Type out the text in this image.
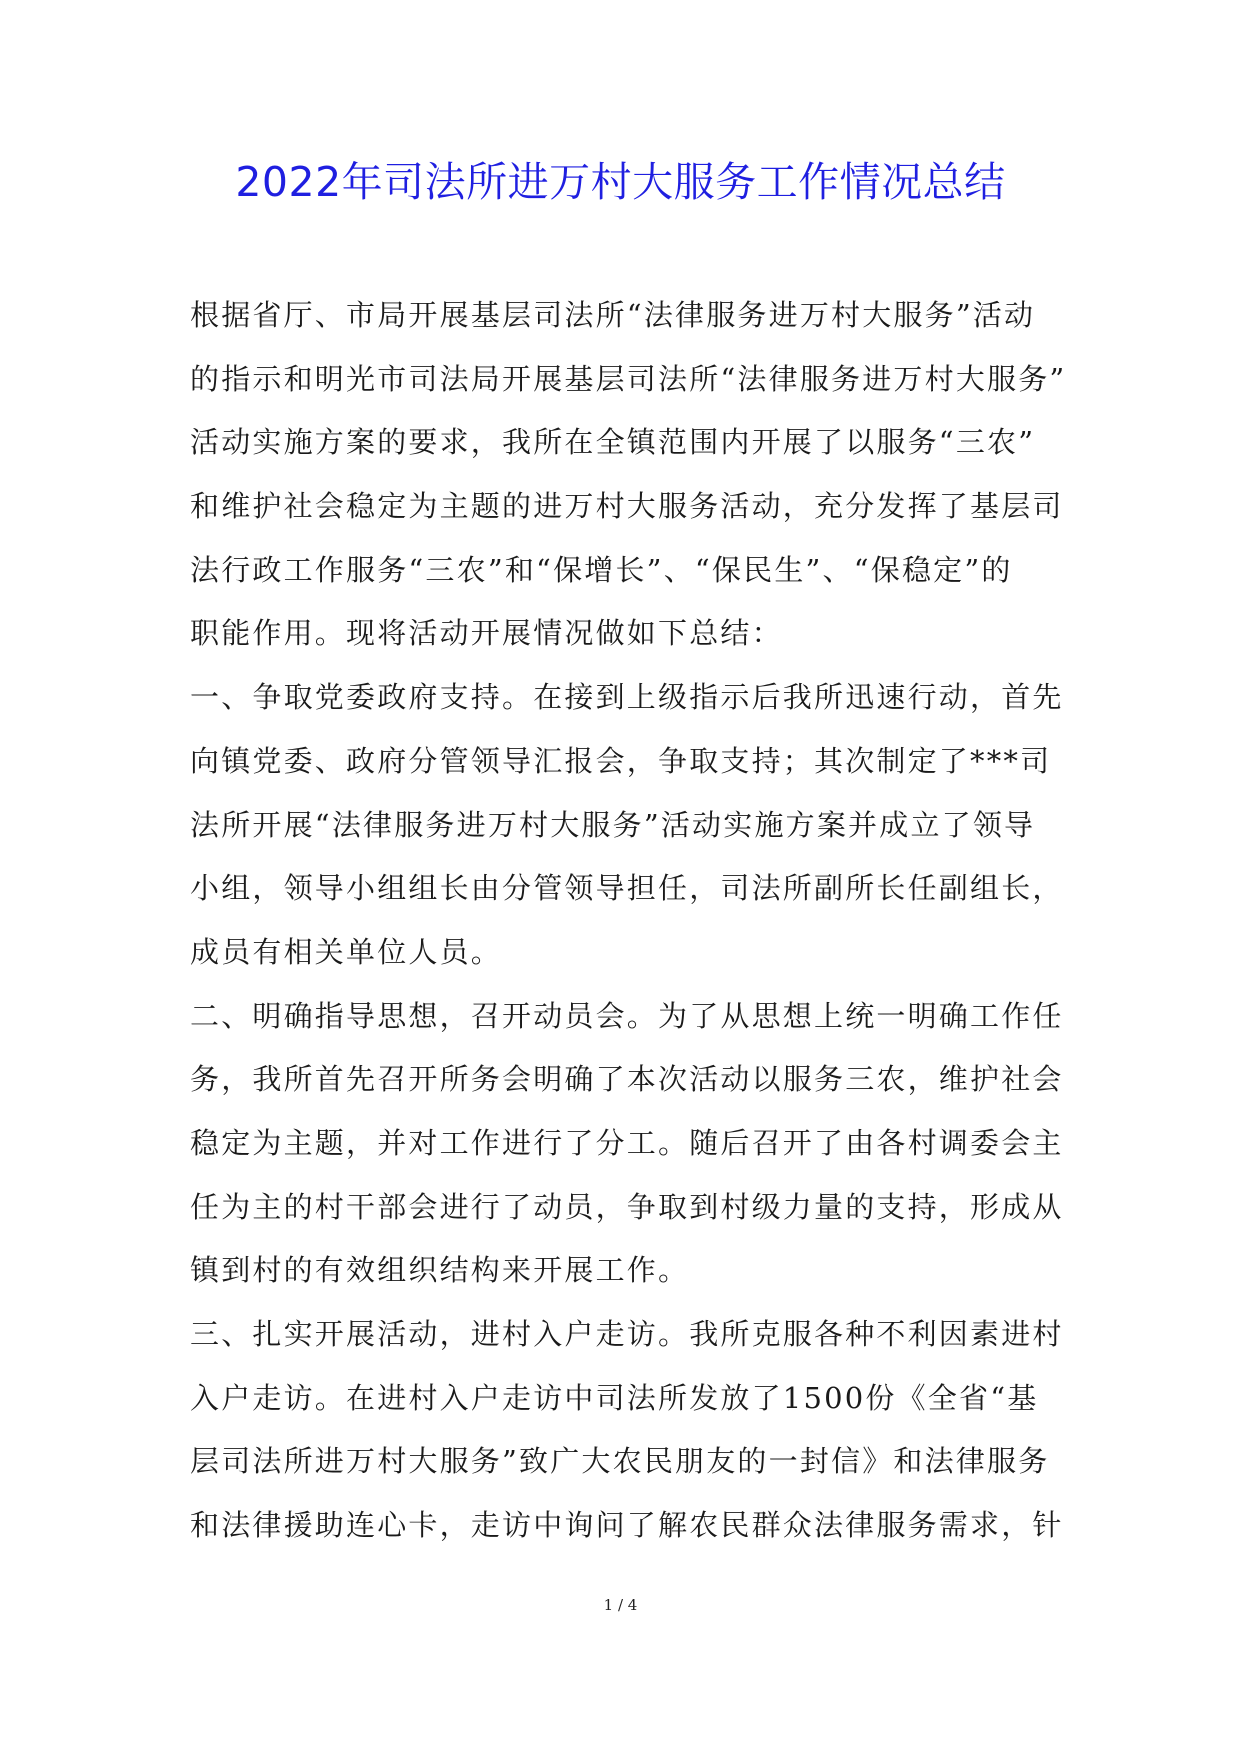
2022年司法所进万村大服务工作情况总结
根据省厅、市局开展基层司法所“法律服务进万村大服务”活动
的指示和明光市司法局开展基层司法所“法律服务进万村大服务”
活动实施方案的要求，我所在全镇范围内开展了以服务“三农”
和维护社会稳定为主题的进万村大服务活动，充分发挥了基层司
法行政工作服务“三农”和“保增长”、“保民生”、“保稳定”的
职能作用。现将活动开展情况做如下总结：
一、争取党委政府支持。在接到上级指示后我所迅速行动，首先
向镇党委、政府分管领导汇报会，争取支持；其次制定了***司
法所开展“法律服务进万村大服务”活动实施方案并成立了领导
小组，领导小组组长由分管领导担任，司法所副所长任副组长，
成员有相关单位人员。
二、明确指导思想，召开动员会。为了从思想上统一明确工作任
务，我所首先召开所务会明确了本次活动以服务三农，维护社会
稳定为主题，并对工作进行了分工。随后召开了由各村调委会主
任为主的村干部会进行了动员，争取到村级力量的支持，形成从
镇到村的有效组织结构来开展工作。
三、扎实开展活动，进村入户走访。我所克服各种不利因素进村
入户走访。在进村入户走访中司法所发放了1500份《全省“基
层司法所进万村大服务”致广大农民朋友的一封信》和法律服务
和法律援助连心卡，走访中询问了解农民群众法律服务需求，针
1 / 4
